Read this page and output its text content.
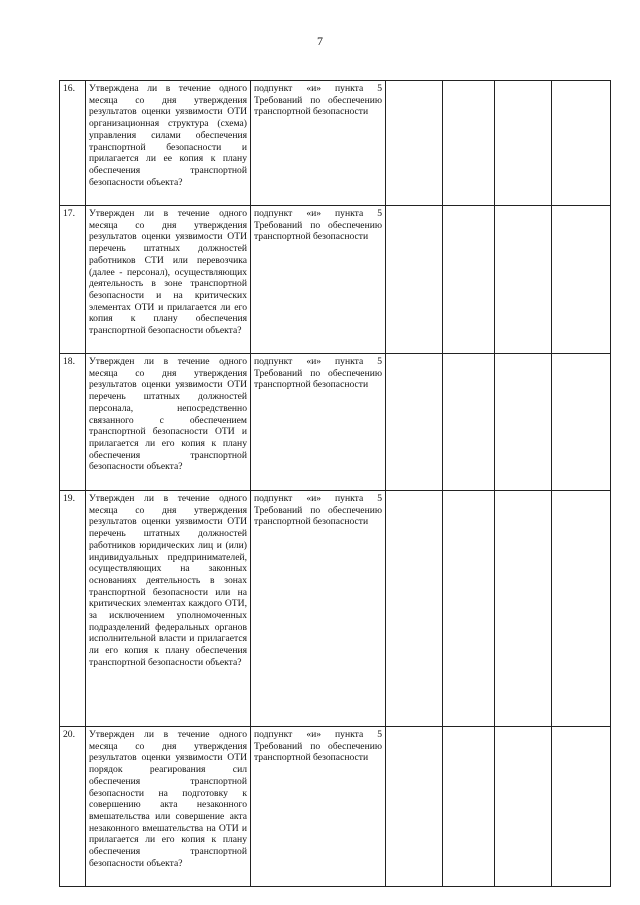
7
16.	Утверждена ли в течение одного месяца со дня утверждения результатов оценки уязвимости ОТИ организационная структура (схема) управления силами обеспечения транспортной безопасности и прилагается ли ее копия к плану обеспечения транспортной безопасности объекта?	подпункт «и» пункта 5 Требований по обеспечению транспортной безопасности				
17.	Утвержден ли в течение одного месяца со дня утверждения результатов оценки уязвимости ОТИ перечень штатных должностей работников СТИ или перевозчика (далее - персонал), осуществляющих деятельность в зоне транспортной безопасности и на критических элементах ОТИ и прилагается ли его копия к плану обеспечения транспортной безопасности объекта?	подпункт «и» пункта 5 Требований по обеспечению транспортной безопасности				
18.	Утвержден ли в течение одного месяца со дня утверждения результатов оценки уязвимости ОТИ перечень штатных должностей персонала, непосредственно связанного с обеспечением транспортной безопасности ОТИ и прилагается ли его копия к плану обеспечения транспортной безопасности объекта?	подпункт «и» пункта 5 Требований по обеспечению транспортной безопасности				
19.	Утвержден ли в течение одного месяца со дня утверждения результатов оценки уязвимости ОТИ перечень штатных должностей работников юридических лиц и (или) индивидуальных предпринимателей, осуществляющих на законных основаниях деятельность в зонах транспортной безопасности или на критических элементах каждого ОТИ, за исключением уполномоченных подразделений федеральных органов исполнительной власти и прилагается ли его копия к плану обеспечения транспортной безопасности объекта?	подпункт «и» пункта 5 Требований по обеспечению транспортной безопасности				
20.	Утвержден ли в течение одного месяца со дня утверждения результатов оценки уязвимости ОТИ порядок реагирования сил обеспечения транспортной безопасности на подготовку к совершению акта незаконного вмешательства или совершение акта незаконного вмешательства на ОТИ и прилагается ли его копия к плану обеспечения транспортной безопасности объекта?	подпункт «и» пункта 5 Требований по обеспечению транспортной безопасности				
